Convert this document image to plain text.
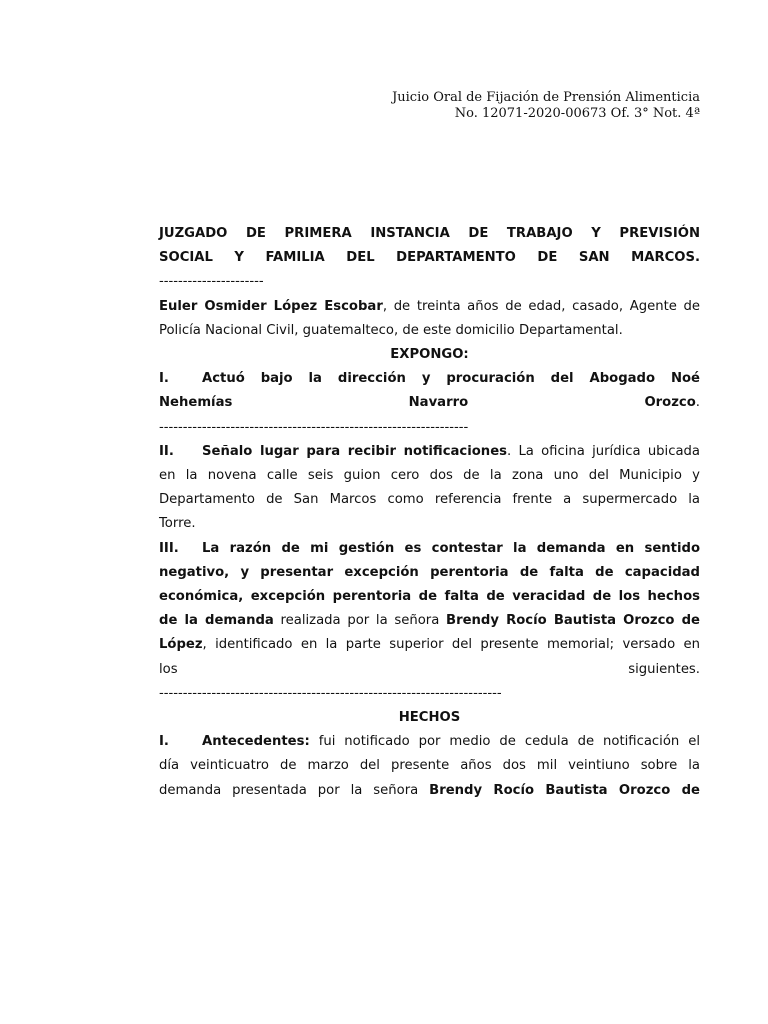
Juicio Oral de Fijación de Prensión Alimenticia
No. 12071-2020-00673 Of. 3° Not. 4ª

JUZGADO DE PRIMERA INSTANCIA DE TRABAJO Y PREVISIÓN

SOCIAL Y FAMILIA DEL DEPARTAMENTO DE SAN MARCOS.

----------------------

Euler Osmider López Escobar, de treinta años de edad, casado, Agente de

Policía Nacional Civil, guatemalteco, de este domicilio Departamental.

EXPONGO:

I.	Actuó bajo la dirección y procuración del Abogado Noé

Nehemías Navarro Orozco.

-----------------------------------------------------------------

II. Señalo lugar para recibir notificaciones. La oficina jurídica ubicada

en la novena calle seis guion cero dos de la zona uno del Municipio y

Departamento de San Marcos como referencia frente a supermercado la

Torre.

III. La razón de mi gestión es contestar la demanda en sentido

negativo, y presentar excepción perentoria de falta de capacidad

económica, excepción perentoria de falta de veracidad de los hechos

de la demanda realizada por la señora Brendy Rocío Bautista Orozco de

López, identificado en la parte superior del presente memorial; versado en

los siguientes.

------------------------------------------------------------------------

HECHOS

I.	Antecedentes: fui notificado por medio de cedula de notificación el

día veinticuatro de marzo del presente años dos mil veintiuno sobre la

demanda presentada por la señora Brendy Rocío Bautista Orozco de
